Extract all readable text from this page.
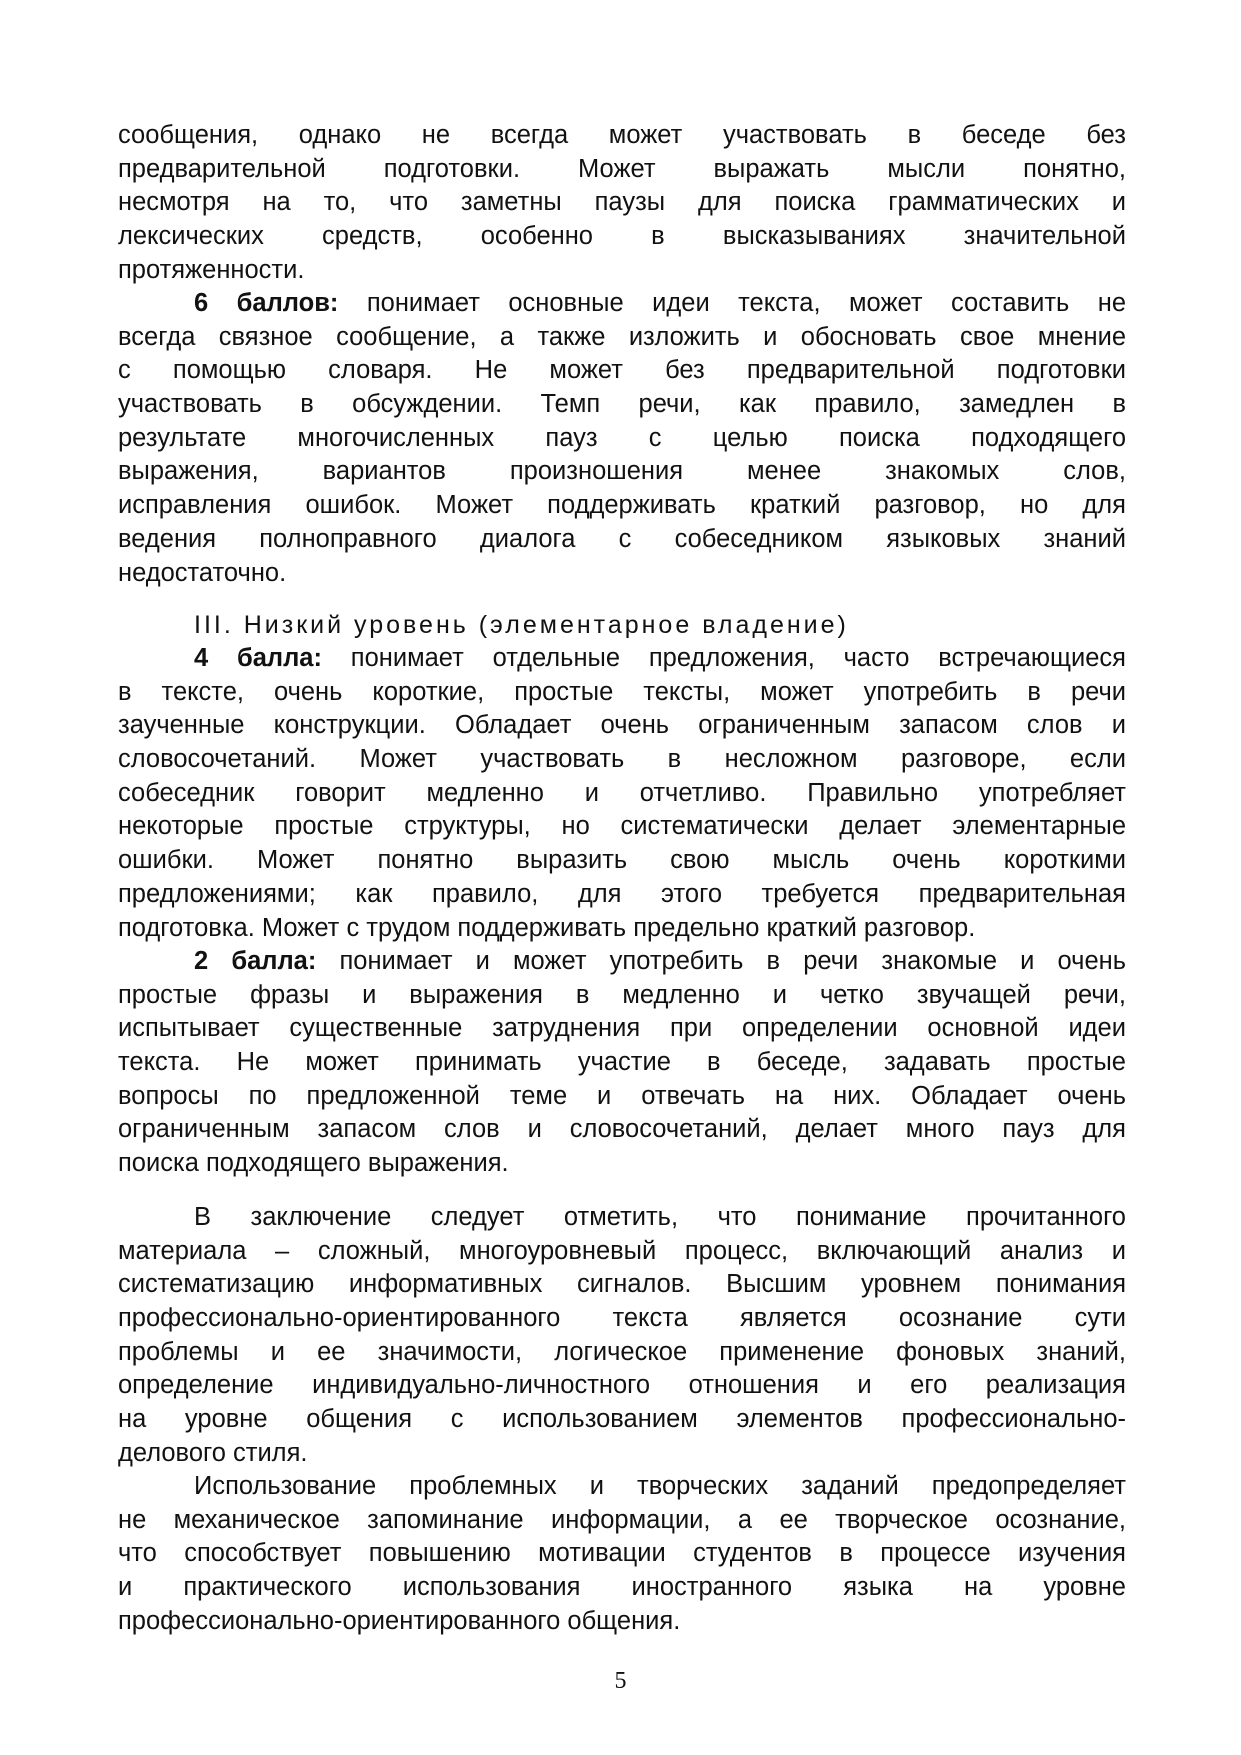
сообщения, однако не всегда может участвовать в беседе без
предварительной подготовки. Может выражать мысли понятно,
несмотря на то, что заметны паузы для поиска грамматических и
лексических средств, особенно в высказываниях значительной
протяженности.
6 баллов: понимает основные идеи текста, может составить не
всегда связное сообщение, а также изложить и обосновать свое мнение
с помощью словаря. Не может без предварительной подготовки
участвовать в обсуждении. Темп речи, как правило, замедлен в
результате многочисленных пауз с целью поиска подходящего
выражения, вариантов произношения менее знакомых слов,
исправления ошибок. Может поддерживать краткий разговор, но для
ведения полноправного диалога с собеседником языковых знаний
недостаточно.
III. Низкий уровень (элементарное владение)
4 балла: понимает отдельные предложения, часто встречающиеся
в тексте, очень короткие, простые тексты, может употребить в речи
заученные конструкции. Обладает очень ограниченным запасом слов и
словосочетаний. Может участвовать в несложном разговоре, если
собеседник говорит медленно и отчетливо. Правильно употребляет
некоторые простые структуры, но систематически делает элементарные
ошибки. Может понятно выразить свою мысль очень короткими
предложениями; как правило, для этого требуется предварительная
подготовка. Может с трудом поддерживать предельно краткий разговор.
2 балла: понимает и может употребить в речи знакомые и очень
простые фразы и выражения в медленно и четко звучащей речи,
испытывает существенные затруднения при определении основной идеи
текста. Не может принимать участие в беседе, задавать простые
вопросы по предложенной теме и отвечать на них. Обладает очень
ограниченным запасом слов и словосочетаний, делает много пауз для
поиска подходящего выражения.
В заключение следует отметить, что понимание прочитанного
материала – сложный, многоуровневый процесс, включающий анализ и
систематизацию информативных сигналов. Высшим уровнем понимания
профессионально-ориентированного текста является осознание сути
проблемы и ее значимости, логическое применение фоновых знаний,
определение индивидуально-личностного отношения и его реализация
на уровне общения с использованием элементов профессионально-
делового стиля.
Использование проблемных и творческих заданий предопределяет
не механическое запоминание информации, а ее творческое осознание,
что способствует повышению мотивации студентов в процессе изучения
и практического использования иностранного языка на уровне
профессионально-ориентированного общения.
5
